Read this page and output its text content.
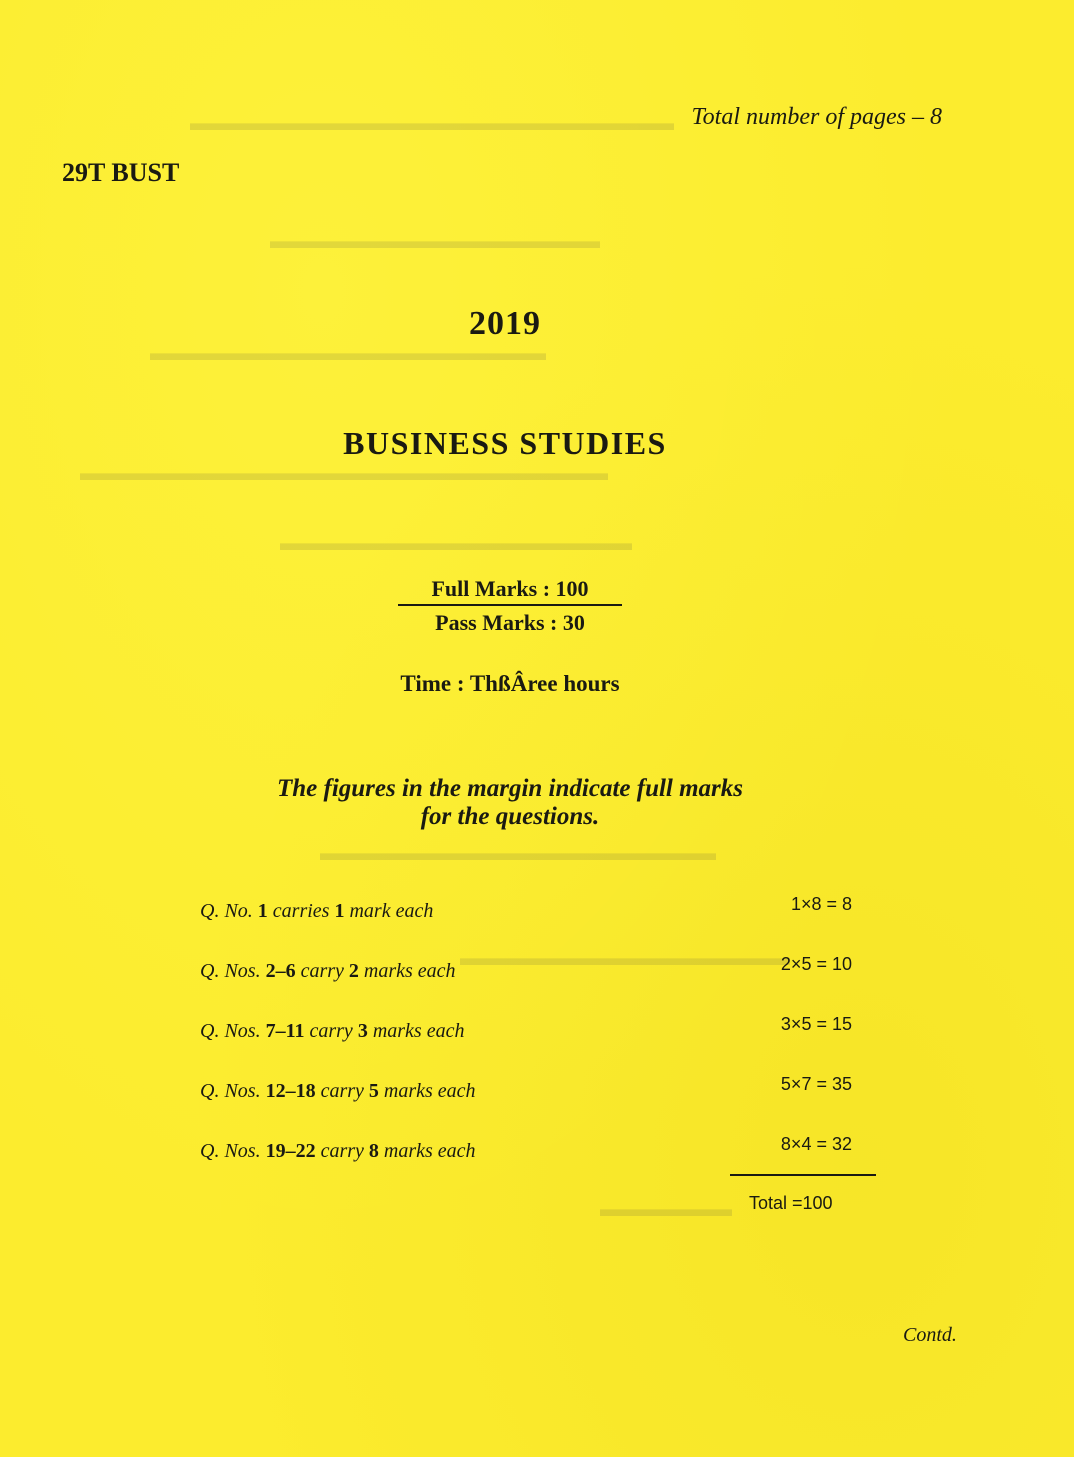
▬▬▬▬▬▬▬▬▬▬▬▬▬▬▬▬▬▬▬▬▬▬
▬▬▬▬▬▬▬▬▬▬▬▬▬▬▬
▬▬▬▬▬▬▬▬▬▬▬▬▬▬▬▬▬▬
▬▬▬▬▬▬▬▬▬▬▬▬▬▬▬▬▬▬▬▬▬▬▬▬
▬▬▬▬▬▬▬▬▬▬▬▬▬▬▬▬
▬▬▬▬▬▬▬▬▬▬▬▬▬▬▬▬▬▬
▬▬▬▬▬▬▬▬▬▬▬▬▬▬▬
▬▬▬▬▬▬
Total number of pages – 8
29T BUST
2019
BUSINESS STUDIES
Full Marks : 100
Pass Marks : 30
Time : ThßÂree hours
The figures in the margin indicate full marks
for the questions.
Q. No. 1 carries 1 mark each	1×8 = 8
Q. Nos. 2–6 carry 2 marks each	2×5 = 10
Q. Nos. 7–11 carry 3 marks each	3×5 = 15
Q. Nos. 12–18 carry 5 marks each	5×7 = 35
Q. Nos. 19–22 carry 8 marks each	8×4 = 32
Total =100
Contd.
